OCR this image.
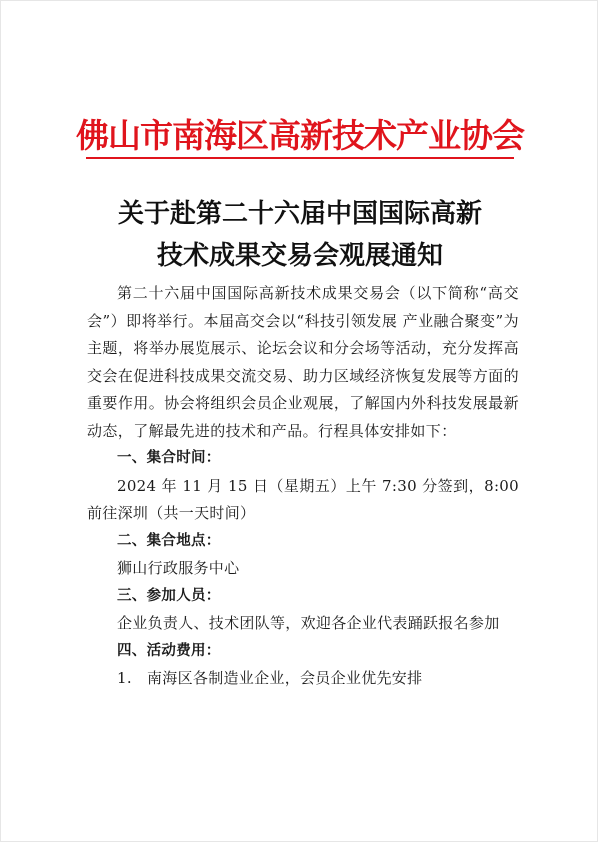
佛山市南海区高新技术产业协会
关于赴第二十六届中国国际高新
技术成果交易会观展通知

第二十六届中国国际高新技术成果交易会（以下简称“高交会”）即将举行。本届高交会以“科技引领发展 产业融合聚变”为主题，将举办展览展示、论坛会议和分会场等活动，充分发挥高交会在促进科技成果交流交易、助力区域经济恢复发展等方面的重要作用。协会将组织会员企业观展，了解国内外科技发展最新动态，了解最先进的技术和产品。行程具体安排如下：

一、集合时间：

2024 年 11 月 15 日（星期五）上午 7:30 分签到，8:00 前往深圳（共一天时间）

二、集合地点：

狮山行政服务中心

三、参加人员：

企业负责人、技术团队等，欢迎各企业代表踊跃报名参加

四、活动费用：

1. 南海区各制造业企业，会员企业优先安排
